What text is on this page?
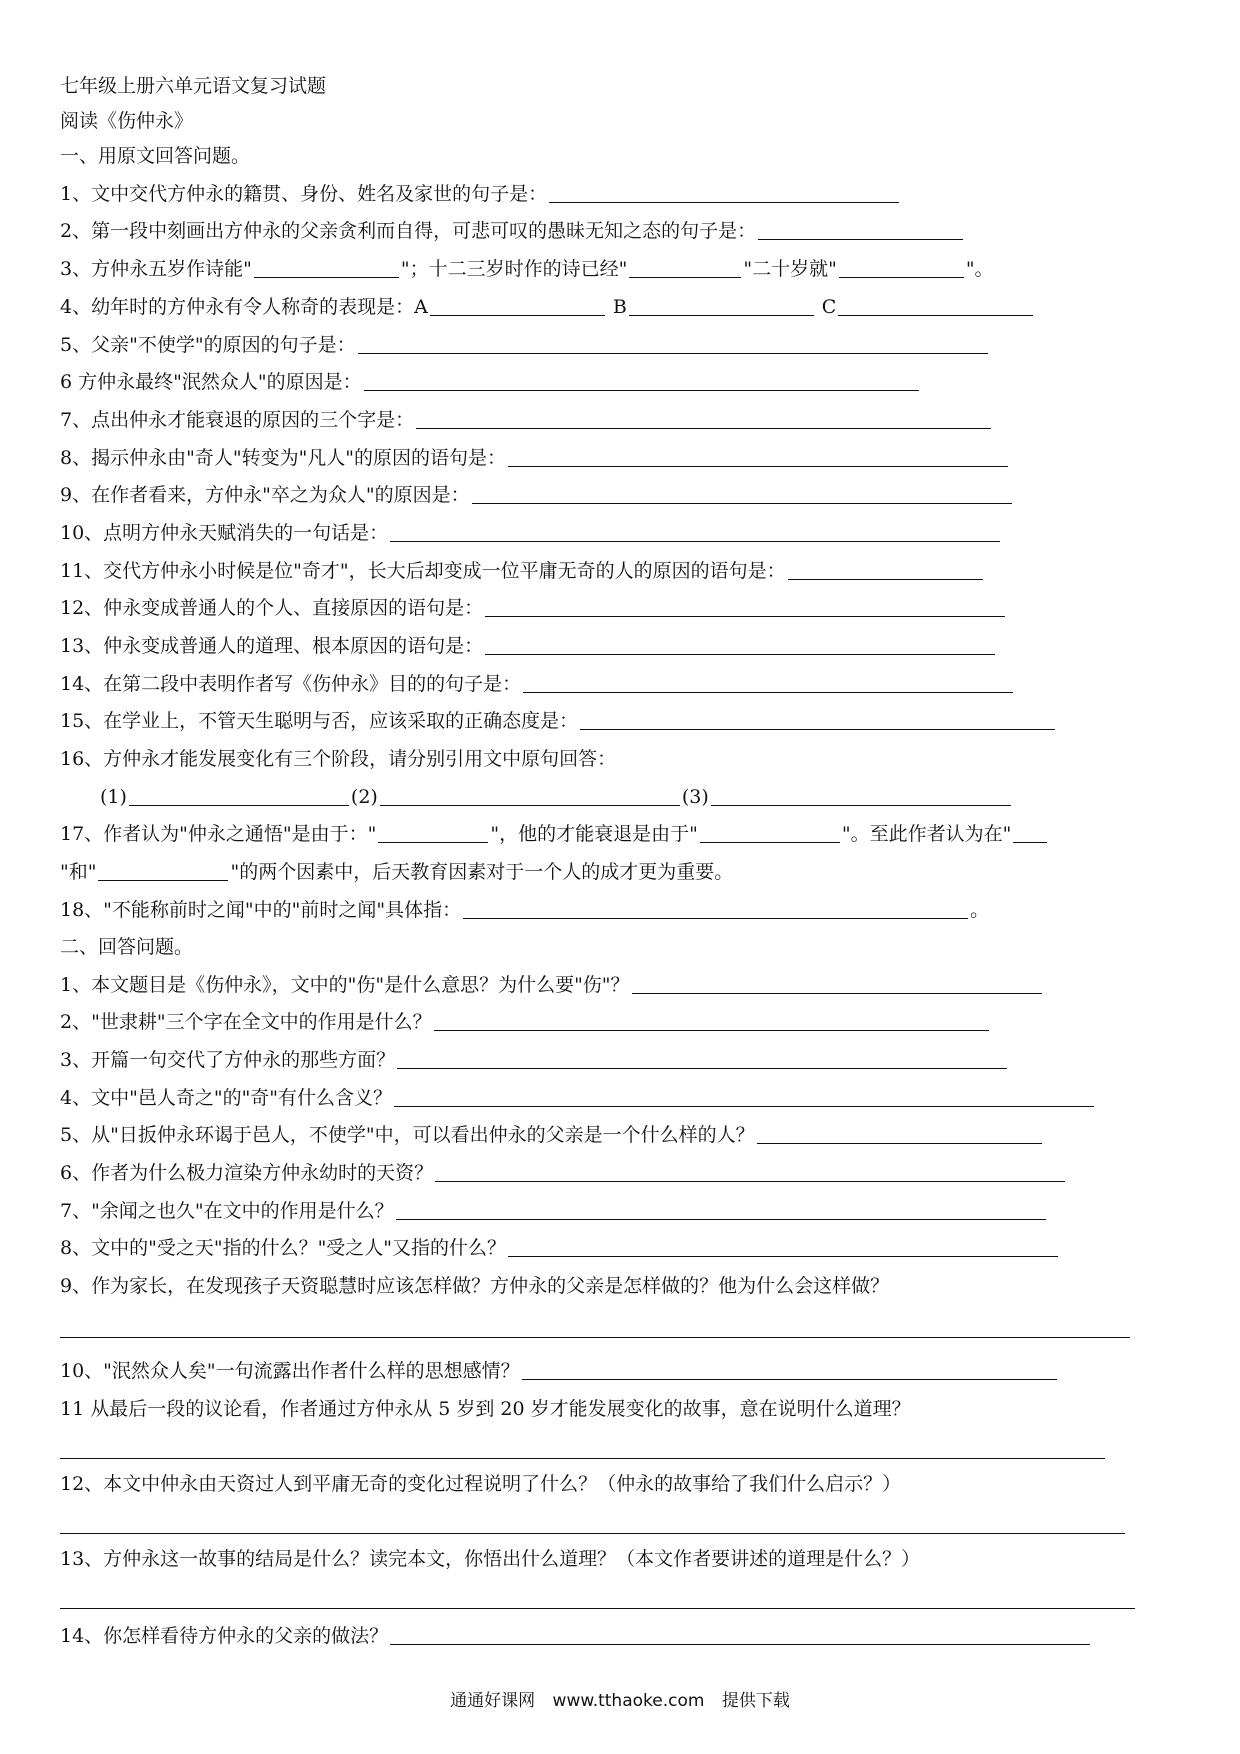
七年级上册六单元语文复习试题
阅读《伤仲永》
一、用原文回答问题。
1、文中交代方仲永的籍贯、身份、姓名及家世的句子是：
2、第一段中刻画出方仲永的父亲贪利而自得，可悲可叹的愚昧无知之态的句子是：
3、方仲永五岁作诗能"	"；十二三岁时作的诗已经"	"二十岁就"	"。
4、幼年时的方仲永有令人称奇的表现是：A	B	C
5、父亲"不使学"的原因的句子是：
6 方仲永最终"泯然众人"的原因是：
7、点出仲永才能衰退的原因的三个字是：
8、揭示仲永由"奇人"转变为"凡人"的原因的语句是：
9、在作者看来，方仲永"卒之为众人"的原因是：
10、点明方仲永天赋消失的一句话是：
11、交代方仲永小时候是位"奇才"，长大后却变成一位平庸无奇的人的原因的语句是：
12、仲永变成普通人的个人、直接原因的语句是：
13、仲永变成普通人的道理、根本原因的语句是：
14、在第二段中表明作者写《伤仲永》目的的句子是：
15、在学业上，不管天生聪明与否，应该采取的正确态度是：
16、方仲永才能发展变化有三个阶段，请分别引用文中原句回答：
(1)	(2)	(3)
17、作者认为"仲永之通悟"是由于："	"，他的才能衰退是由于"	"。至此作者认为在"
"和"	"的两个因素中，后天教育因素对于一个人的成才更为重要。
18、"不能称前时之闻"中的"前时之闻"具体指：	。
二、回答问题。
1、本文题目是《伤仲永》，文中的"伤"是什么意思？为什么要"伤"？
2、"世隶耕"三个字在全文中的作用是什么？
3、开篇一句交代了方仲永的那些方面？
4、文中"邑人奇之"的"奇"有什么含义？
5、从"日扳仲永环谒于邑人，不使学"中，可以看出仲永的父亲是一个什么样的人？
6、作者为什么极力渲染方仲永幼时的天资？
7、"余闻之也久"在文中的作用是什么？
8、文中的"受之天"指的什么？"受之人"又指的什么？
9、作为家长，在发现孩子天资聪慧时应该怎样做？方仲永的父亲是怎样做的？他为什么会这样做？
10、"泯然众人矣"一句流露出作者什么样的思想感情？
11 从最后一段的议论看，作者通过方仲永从 5 岁到 20 岁才能发展变化的故事，意在说明什么道理？
12、本文中仲永由天资过人到平庸无奇的变化过程说明了什么？（仲永的故事给了我们什么启示？）
13、方仲永这一故事的结局是什么？读完本文，你悟出什么道理？（本文作者要讲述的道理是什么？）
14、你怎样看待方仲永的父亲的做法？
通通好课网 www.tthaoke.com 提供下载
